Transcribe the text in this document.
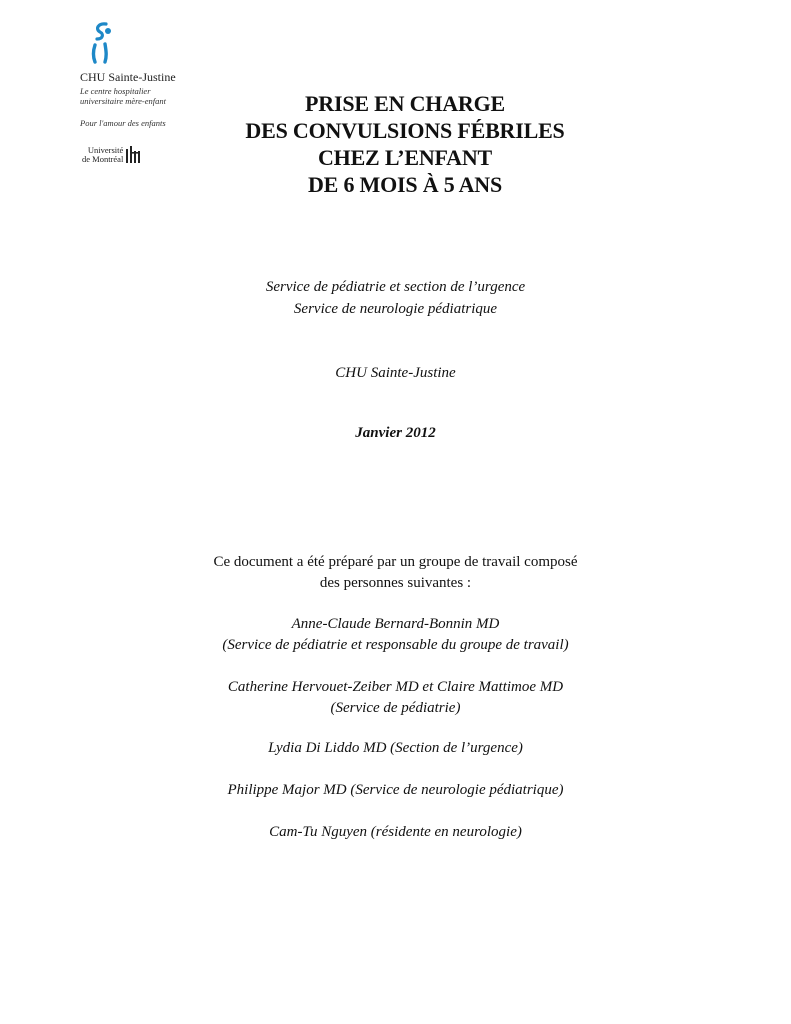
CHU Sainte-Justine
Le centre hospitalier
universitaire mère-enfant
Pour l'amour des enfants
Université
de Montréal
PRISE EN CHARGE
DES CONVULSIONS FÉBRILES
CHEZ L’ENFANT
DE 6 MOIS À 5 ANS
Service de pédiatrie et section de l’urgence
Service de neurologie pédiatrique
CHU Sainte-Justine
Janvier 2012
Ce document a été préparé par un groupe de travail composé
des personnes suivantes :
Anne-Claude Bernard-Bonnin MD
(Service de pédiatrie et responsable du groupe de travail)
Catherine Hervouet-Zeiber MD et Claire Mattimoe MD
(Service de pédiatrie)
Lydia Di Liddo MD (Section de l’urgence)
Philippe Major MD (Service de neurologie pédiatrique)
Cam-Tu Nguyen (résidente en neurologie)
